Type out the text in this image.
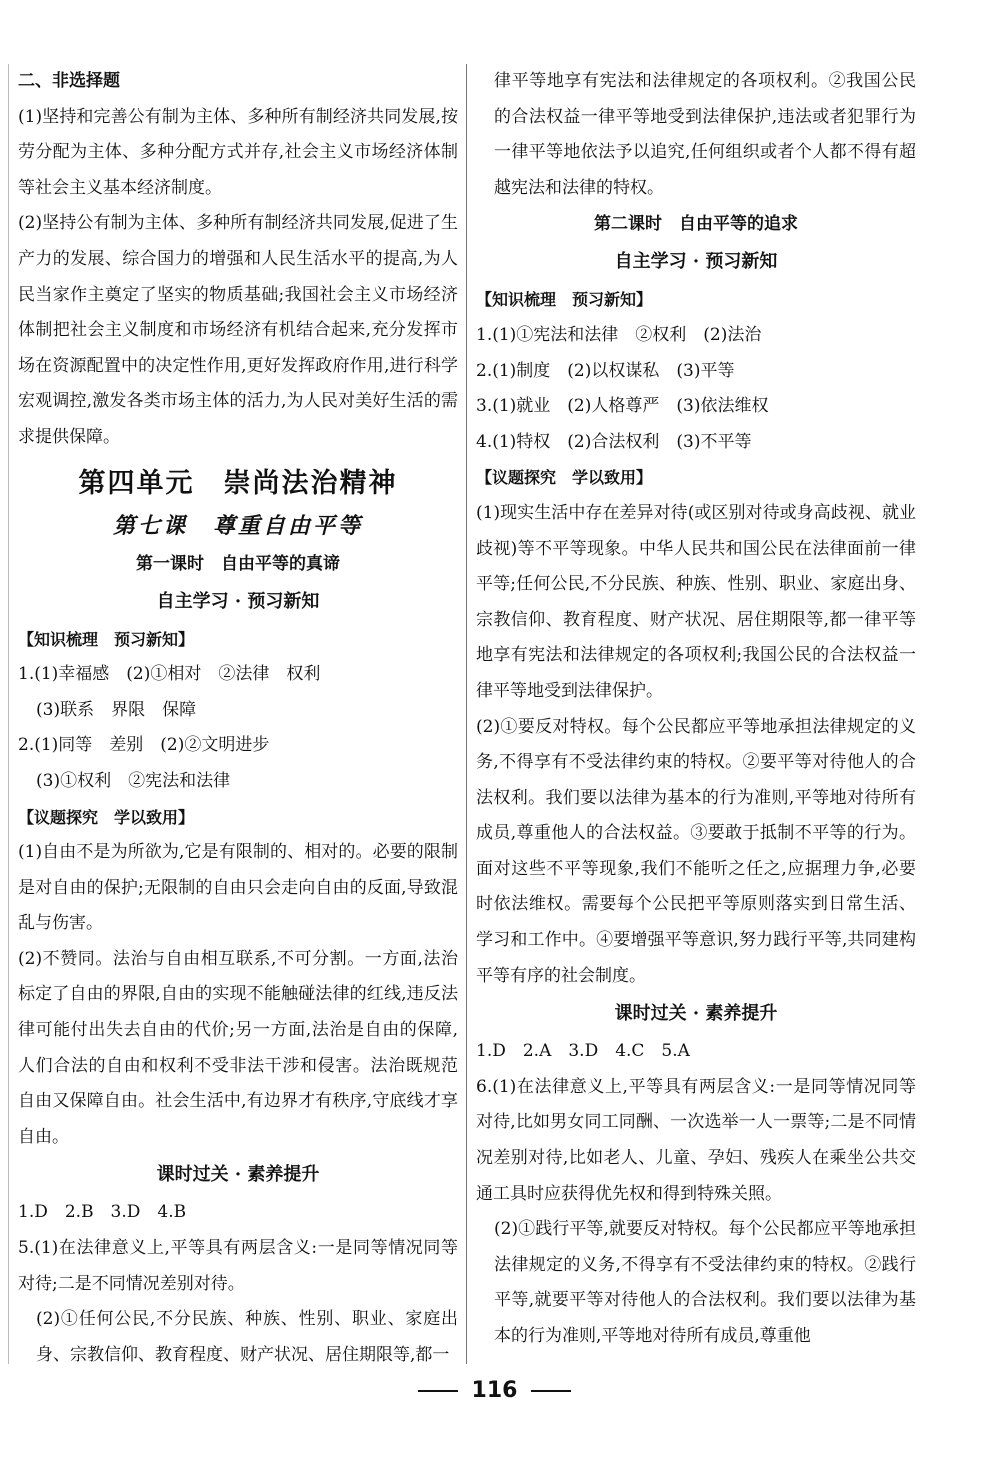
二、非选择题

(1)坚持和完善公有制为主体、多种所有制经济共同发展,按劳分配为主体、多种分配方式并存,社会主义市场经济体制等社会主义基本经济制度。

(2)坚持公有制为主体、多种所有制经济共同发展,促进了生产力的发展、综合国力的增强和人民生活水平的提高,为人民当家作主奠定了坚实的物质基础;我国社会主义市场经济体制把社会主义制度和市场经济有机结合起来,充分发挥市场在资源配置中的决定性作用,更好发挥政府作用,进行科学宏观调控,激发各类市场主体的活力,为人民对美好生活的需求提供保障。

第四单元　崇尚法治精神
第七课　尊重自由平等
第一课时　自由平等的真谛
自主学习 · 预习新知

【知识梳理　预习新知】

1.(1)幸福感　(2)①相对　②法律　权利

(3)联系　界限　保障

2.(1)同等　差别　(2)②文明进步

(3)①权利　②宪法和法律

【议题探究　学以致用】

(1)自由不是为所欲为,它是有限制的、相对的。必要的限制是对自由的保护;无限制的自由只会走向自由的反面,导致混乱与伤害。

(2)不赞同。法治与自由相互联系,不可分割。一方面,法治标定了自由的界限,自由的实现不能触碰法律的红线,违反法律可能付出失去自由的代价;另一方面,法治是自由的保障,人们合法的自由和权利不受非法干涉和侵害。法治既规范自由又保障自由。社会生活中,有边界才有秩序,守底线才享自由。

课时过关 · 素养提升

1.D　2.B　3.D　4.B

5.(1)在法律意义上,平等具有两层含义:一是同等情况同等对待;二是不同情况差别对待。

(2)①任何公民,不分民族、种族、性别、职业、家庭出身、宗教信仰、教育程度、财产状况、居住期限等,都一

律平等地享有宪法和法律规定的各项权利。②我国公民的合法权益一律平等地受到法律保护,违法或者犯罪行为一律平等地依法予以追究,任何组织或者个人都不得有超越宪法和法律的特权。

第二课时　自由平等的追求
自主学习 · 预习新知

【知识梳理　预习新知】

1.(1)①宪法和法律　②权利　(2)法治

2.(1)制度　(2)以权谋私　(3)平等

3.(1)就业　(2)人格尊严　(3)依法维权

4.(1)特权　(2)合法权利　(3)不平等

【议题探究　学以致用】

(1)现实生活中存在差异对待(或区别对待或身高歧视、就业歧视)等不平等现象。中华人民共和国公民在法律面前一律平等;任何公民,不分民族、种族、性别、职业、家庭出身、宗教信仰、教育程度、财产状况、居住期限等,都一律平等地享有宪法和法律规定的各项权利;我国公民的合法权益一律平等地受到法律保护。

(2)①要反对特权。每个公民都应平等地承担法律规定的义务,不得享有不受法律约束的特权。②要平等对待他人的合法权利。我们要以法律为基本的行为准则,平等地对待所有成员,尊重他人的合法权益。③要敢于抵制不平等的行为。面对这些不平等现象,我们不能听之任之,应据理力争,必要时依法维权。需要每个公民把平等原则落实到日常生活、学习和工作中。④要增强平等意识,努力践行平等,共同建构平等有序的社会制度。

课时过关 · 素养提升

1.D　2.A　3.D　4.C　5.A

6.(1)在法律意义上,平等具有两层含义:一是同等情况同等对待,比如男女同工同酬、一次选举一人一票等;二是不同情况差别对待,比如老人、儿童、孕妇、残疾人在乘坐公共交通工具时应获得优先权和得到特殊关照。

(2)①践行平等,就要反对特权。每个公民都应平等地承担法律规定的义务,不得享有不受法律约束的特权。②践行平等,就要平等对待他人的合法权利。我们要以法律为基本的行为准则,平等地对待所有成员,尊重他

116
